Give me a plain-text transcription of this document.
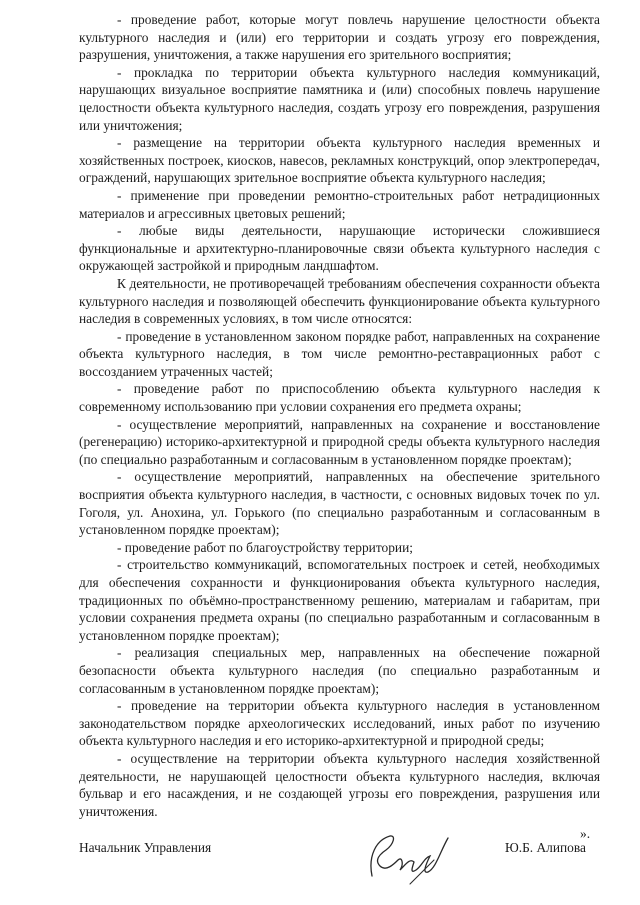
- проведение работ, которые могут повлечь нарушение целостности объекта культурного наследия и (или) его территории и создать угрозу его повреждения, разрушения, уничтожения, а также нарушения его зрительного восприятия;

- прокладка по территории объекта культурного наследия коммуникаций, нарушающих визуальное восприятие памятника и (или) способных повлечь нарушение целостности объекта культурного наследия, создать угрозу его повреждения, разрушения или уничтожения;

- размещение на территории объекта культурного наследия временных и хозяйственных построек, киосков, навесов, рекламных конструкций, опор электропередач, ограждений, нарушающих зрительное восприятие объекта культурного наследия;

- применение при проведении ремонтно-строительных работ нетрадиционных материалов и агрессивных цветовых решений;

- любые виды деятельности, нарушающие исторически сложившиеся функциональные и архитектурно-планировочные связи объекта культурного наследия с окружающей застройкой и природным ландшафтом.

К деятельности, не противоречащей требованиям обеспечения сохранности объекта культурного наследия и позволяющей обеспечить функционирование объекта культурного наследия в современных условиях, в том числе относятся:

- проведение в установленном законом порядке работ, направленных на сохранение объекта культурного наследия, в том числе ремонтно-реставрационных работ с воссозданием утраченных частей;

- проведение работ по приспособлению объекта культурного наследия к современному использованию при условии сохранения его предмета охраны;

- осуществление мероприятий, направленных на сохранение и восстановление (регенерацию) историко-архитектурной и природной среды объекта культурного наследия (по специально разработанным и согласованным в установленном порядке проектам);

- осуществление мероприятий, направленных на обеспечение зрительного восприятия объекта культурного наследия, в частности, с основных видовых точек по ул. Гоголя, ул. Анохина, ул. Горького (по специально разработанным и согласованным в установленном порядке проектам);

- проведение работ по благоустройству территории;

- строительство коммуникаций, вспомогательных построек и сетей, необходимых для обеспечения сохранности и функционирования объекта культурного наследия, традиционных по объёмно-пространственному решению, материалам и габаритам, при условии сохранения предмета охраны (по специально разработанным и согласованным в установленном порядке проектам);

- реализация специальных мер, направленных на обеспечение пожарной безопасности объекта культурного наследия (по специально разработанным и согласованным в установленном порядке проектам);

- проведение на территории объекта культурного наследия в установленном законодательством порядке археологических исследований, иных работ по изучению объекта культурного наследия и его историко-архитектурной и природной среды;

- осуществление на территории объекта культурного наследия хозяйственной деятельности, не нарушающей целостности объекта культурного наследия, включая бульвар и его насаждения, и не создающей угрозы его повреждения, разрушения или уничтожения.

».
Начальник Управления	Ю.Б. Алипова
